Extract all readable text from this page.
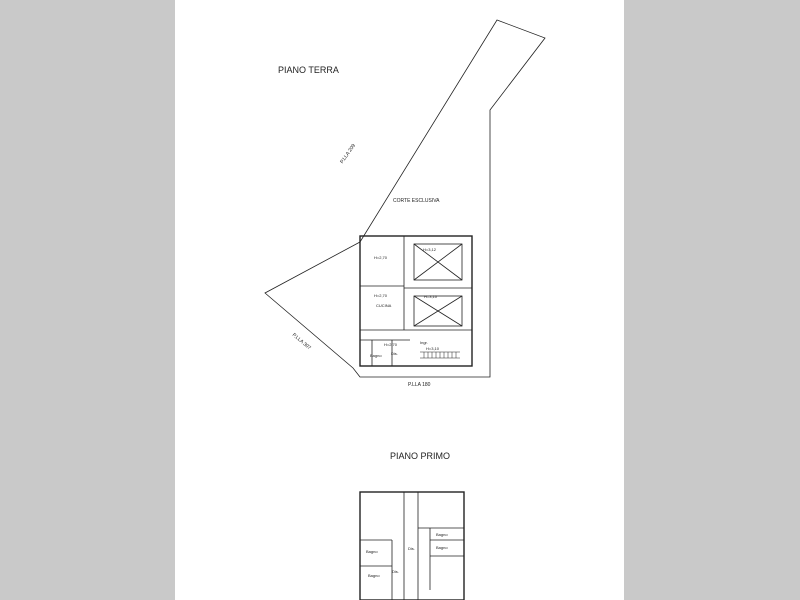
PIANO TERRA
CORTE ESCLUSIVA
P.LLA 209
P.LLA 307
P.LLA 180
H=2,70
H=3,12
H=2,70
CUCINA
H=3,10
Ingr.
H=2,70
H=3,10
Bagno Dis.
PIANO PRIMO
Bagno
Bagno
Bagno
Bagno
Dis.
Dis.
